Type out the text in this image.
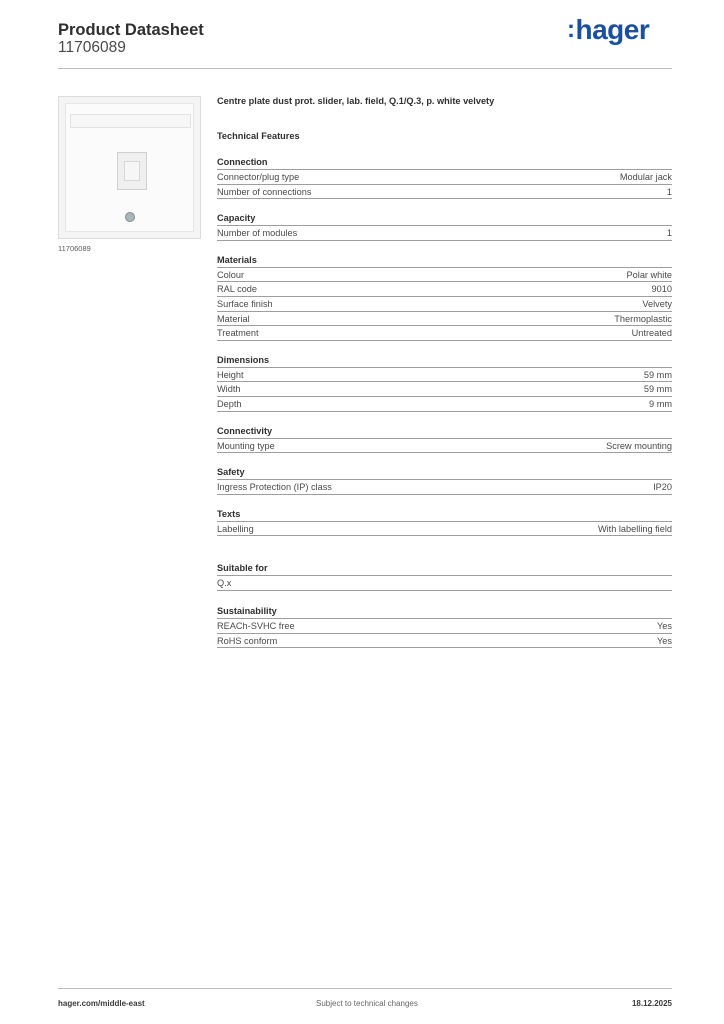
Product Datasheet
11706089
:hager
11706089
Centre plate dust prot. slider, lab. field, Q.1/Q.3, p. white velvety
Technical Features
Connection
Connector/plug type	Modular jack
Number of connections	1
Capacity
Number of modules	1
Materials
Colour	Polar white
RAL code	9010
Surface finish	Velvety
Material	Thermoplastic
Treatment	Untreated
Dimensions
Height	59 mm
Width	59 mm
Depth	9 mm
Connectivity
Mounting type	Screw mounting
Safety
Ingress Protection (IP) class	IP20
Texts
Labelling	With labelling field
Suitable for
Q.x
Sustainability
REACh-SVHC free	Yes
RoHS conform	Yes
hager.com/middle-east	Subject to technical changes	18.12.2025
